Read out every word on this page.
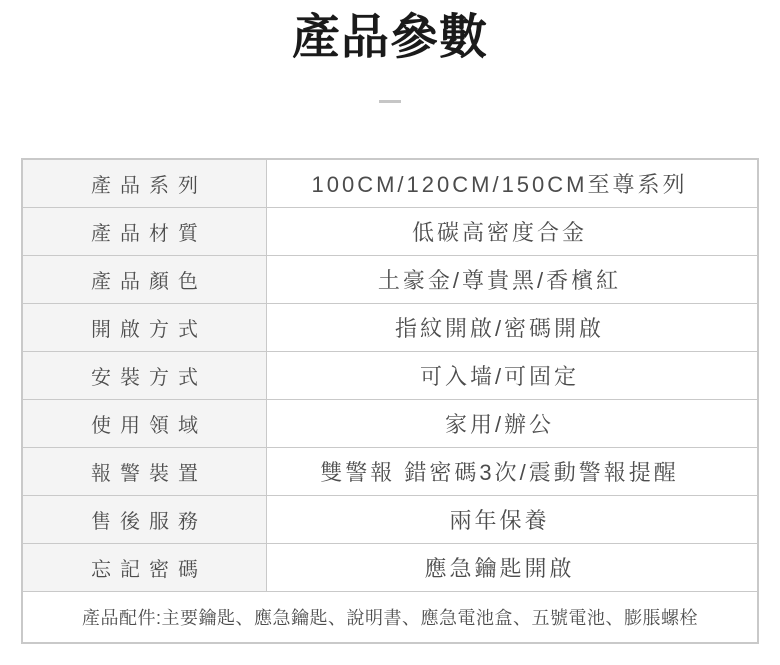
產品參數
產品系列	100CM/120CM/150CM至尊系列
產品材質	低碳高密度合金
產品顏色	土豪金/尊貴黑/香檳紅
開啟方式	指紋開啟/密碼開啟
安裝方式	可入墙/可固定
使用領域	家用/辦公
報警裝置	雙警報 錯密碼3次/震動警報提醒
售後服務	兩年保養
忘記密碼	應急鑰匙開啟
產品配件:主要鑰匙、應急鑰匙、說明書、應急電池盒、五號電池、膨脹螺栓
